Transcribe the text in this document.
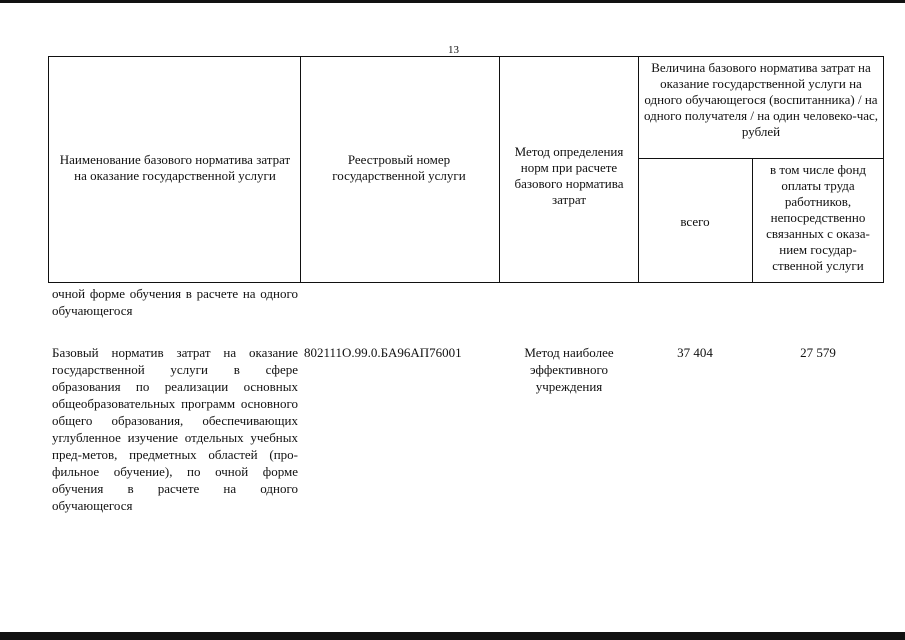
13
Наименование базового норматива затрат на оказание государственной услуги
Реестровый номер государственной услуги
Метод определения норм при расчете базового норматива затрат
Величина базового норматива затрат на оказание государственной услуги на одного обучающегося (воспитанника) / на одного получателя / на один человеко-час, рублей
всего
в том числе фонд оплаты труда работников, непосредственно связанных с оказа-нием государ-ственной услуги
очной форме обучения в расчете на одного обучающегося
Базовый норматив затрат на оказание государственной услуги в сфере образования по реализации основных общеобразовательных программ основного общего образования, обеспечивающих углубленное изучение отдельных учебных пред-метов, предметных областей (про-фильное обучение), по очной форме обучения в расчете на одного обучающегося
802111О.99.0.БА96АП76001	Метод наиболее эффективного учреждения
37 404	27 579
